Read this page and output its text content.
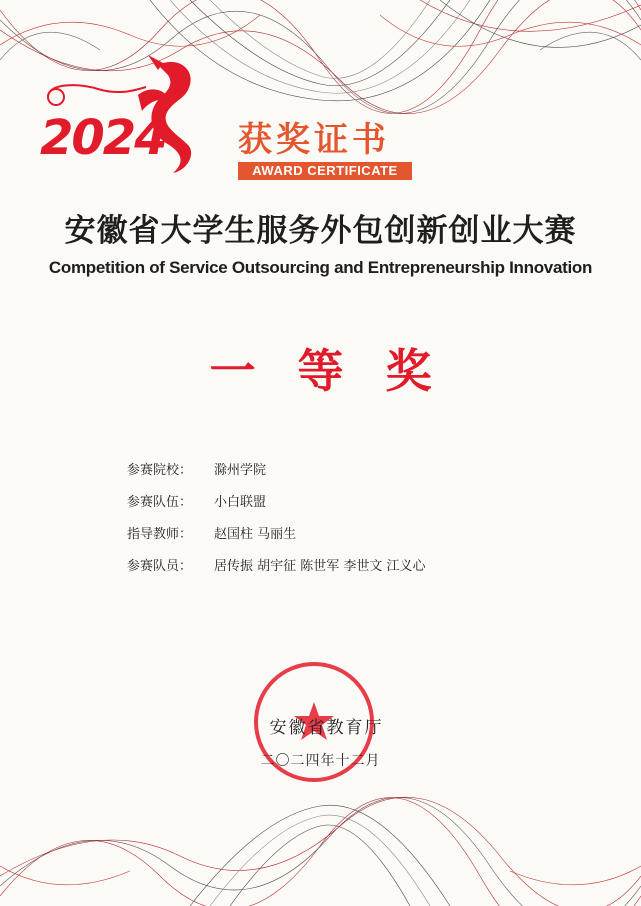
2024 获奖证书
AWARD CERTIFICATE
安徽省大学生服务外包创新创业大赛
Competition of Service Outsourcing and Entrepreneurship Innovation
一等奖
参赛院校：	滁州学院
参赛队伍：	小白联盟
指导教师：	赵国柱 马丽生
参赛队员：	居传振 胡宇征 陈世军 李世文 江义心
安徽省教育厅
二〇二四年十二月
